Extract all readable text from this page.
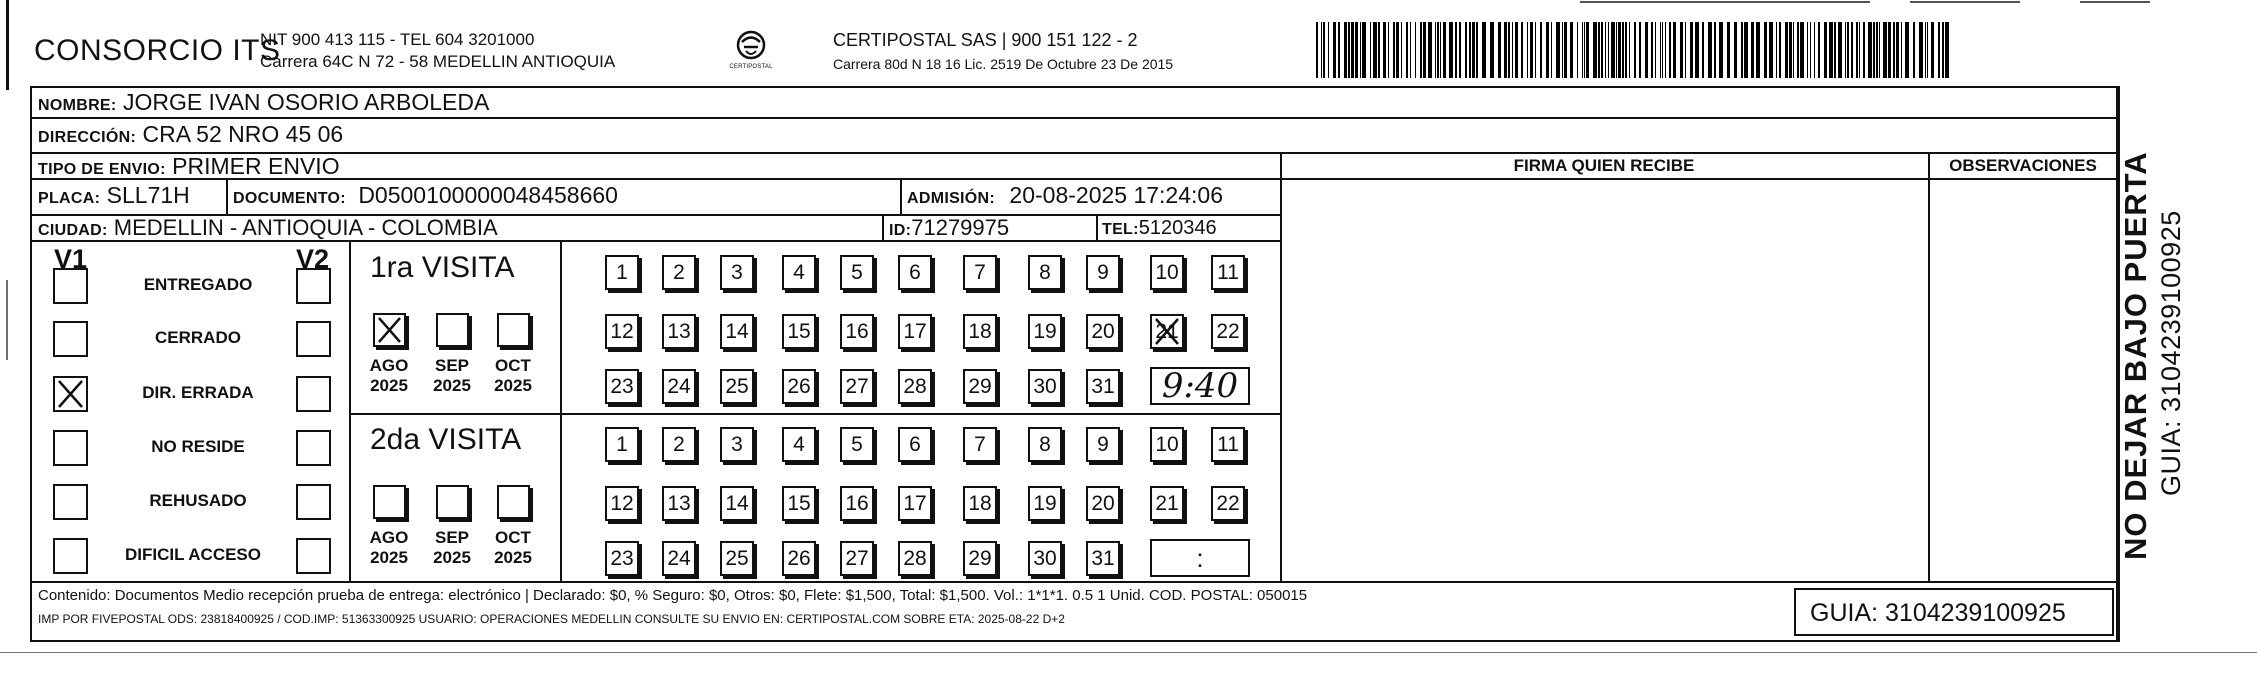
CONSORCIO ITS
NIT 900 413 115 - TEL 604 3201000
Carrera 64C N 72 - 58 MEDELLIN ANTIOQUIA	CERTIPOSTAL
CERTIPOSTAL SAS | 900 151 122 - 2
Carrera 80d N 18 16 Lic. 2519 De Octubre 23 De 2015
NOMBRE: JORGE IVAN OSORIO ARBOLEDA
DIRECCIÓN: CRA 52 NRO 45 06
TIPO DE ENVIO: PRIMER ENVIO	FIRMA QUIEN RECIBE	OBSERVACIONES
PLACA: SLL71H	DOCUMENTO: D0500100000048458660	ADMISIÓN: 20-08-2025 17:24:06
CIUDAD: MEDELLIN - ANTIOQUIA - COLOMBIA	ID:71279975	TEL:5120346
V1	V2
ENTREGADO
CERRADO
DIR. ERRADA
NO RESIDE
REHUSADO
DIFICIL ACCESO
1ra VISITA
AGO
2025
SEP
2025
OCT
2025
1	2	3	4	5	6	7	8	9	10 11
12 13 14 15 16 17 18 19 20 21 22
23 24 25 26 27 28 29 30 31	9:40
2da VISITA
AGO
2025
SEP
2025
OCT
2025
1	2	3	4	5	6	7	8	9	10 11
12 13 14 15 16 17 18 19 20 21 22
23 24 25 26 27 28 29 30 31	:
Contenido: Documentos Medio recepción prueba de entrega: electrónico | Declarado: $0, % Seguro: $0, Otros: $0, Flete: $1,500, Total: $1,500. Vol.: 1*1*1. 0.5 1 Unid. COD. POSTAL: 050015
IMP POR FIVEPOSTAL ODS: 23818400925 / COD.IMP: 51363300925 USUARIO: OPERACIONES MEDELLIN CONSULTE SU ENVIO EN: CERTIPOSTAL.COM SOBRE ETA: 2025-08-22 D+2	GUIA: 3104239100925
NO DEJAR BAJO PUERTA GUIA: 3104239100925
